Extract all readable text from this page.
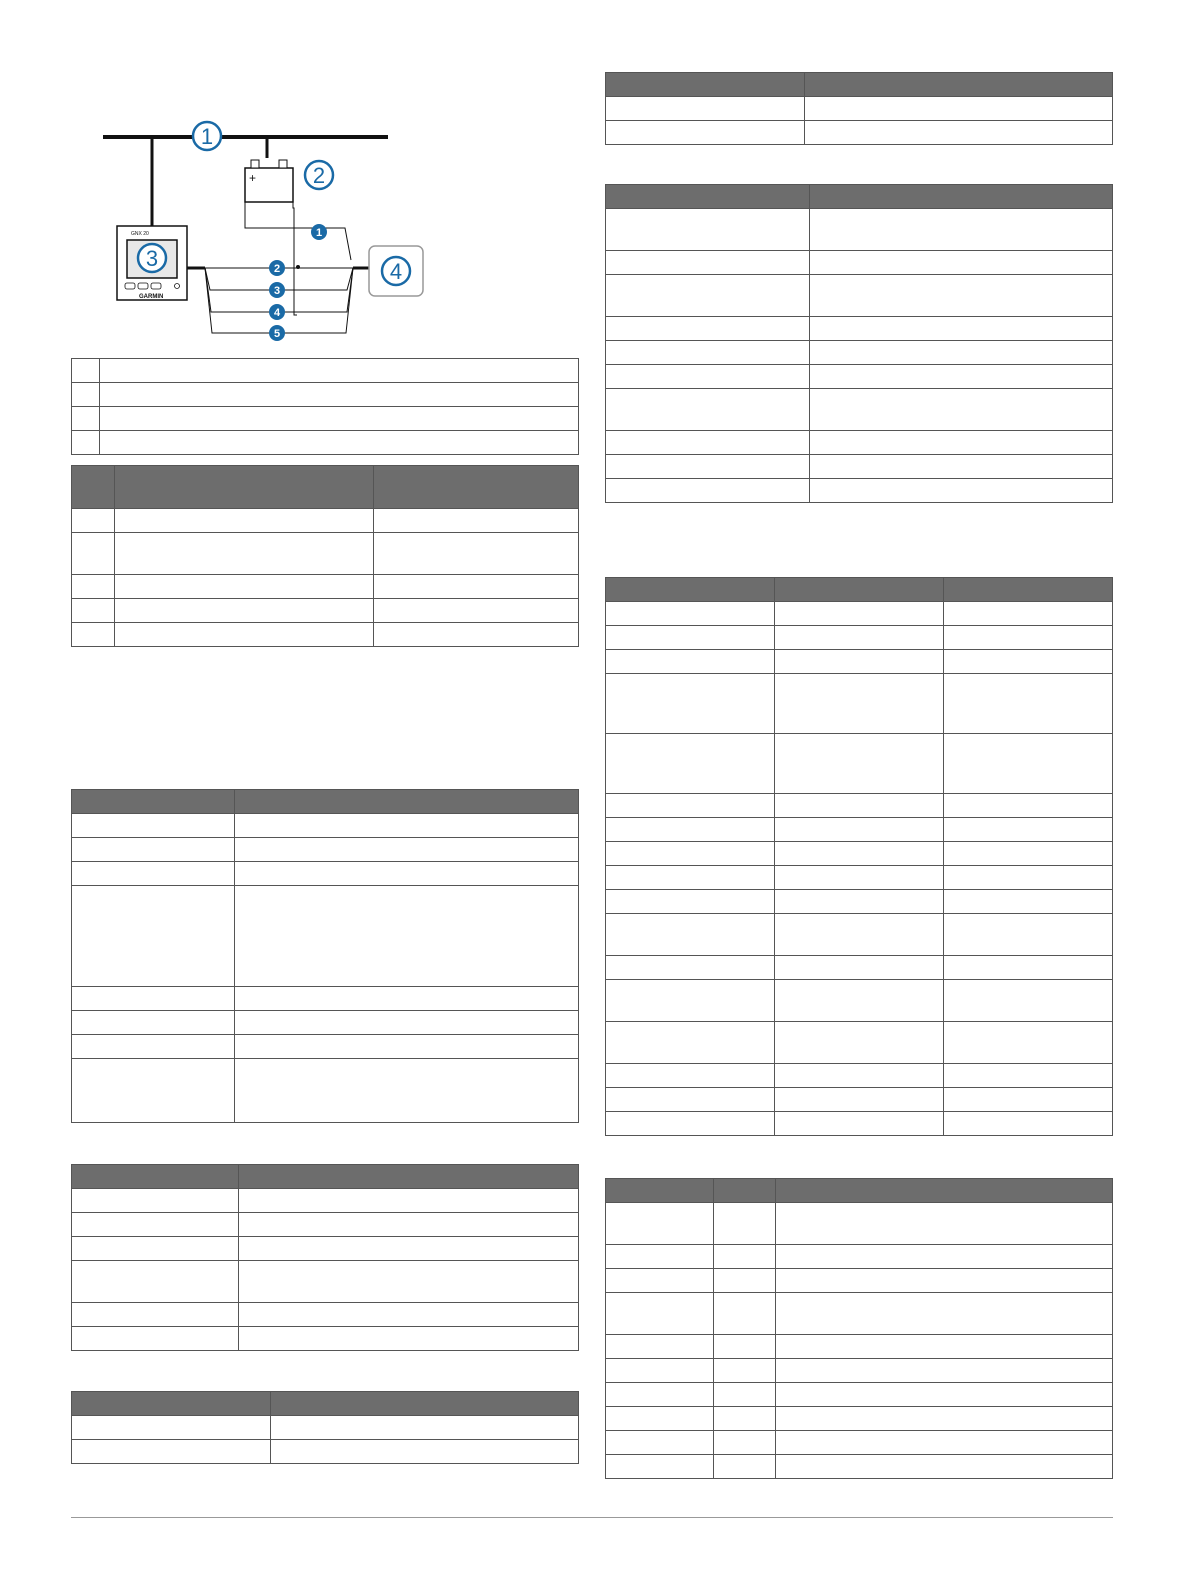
+
GNX 20
GARMIN
1
2
3
4
1
2
3
4
5
